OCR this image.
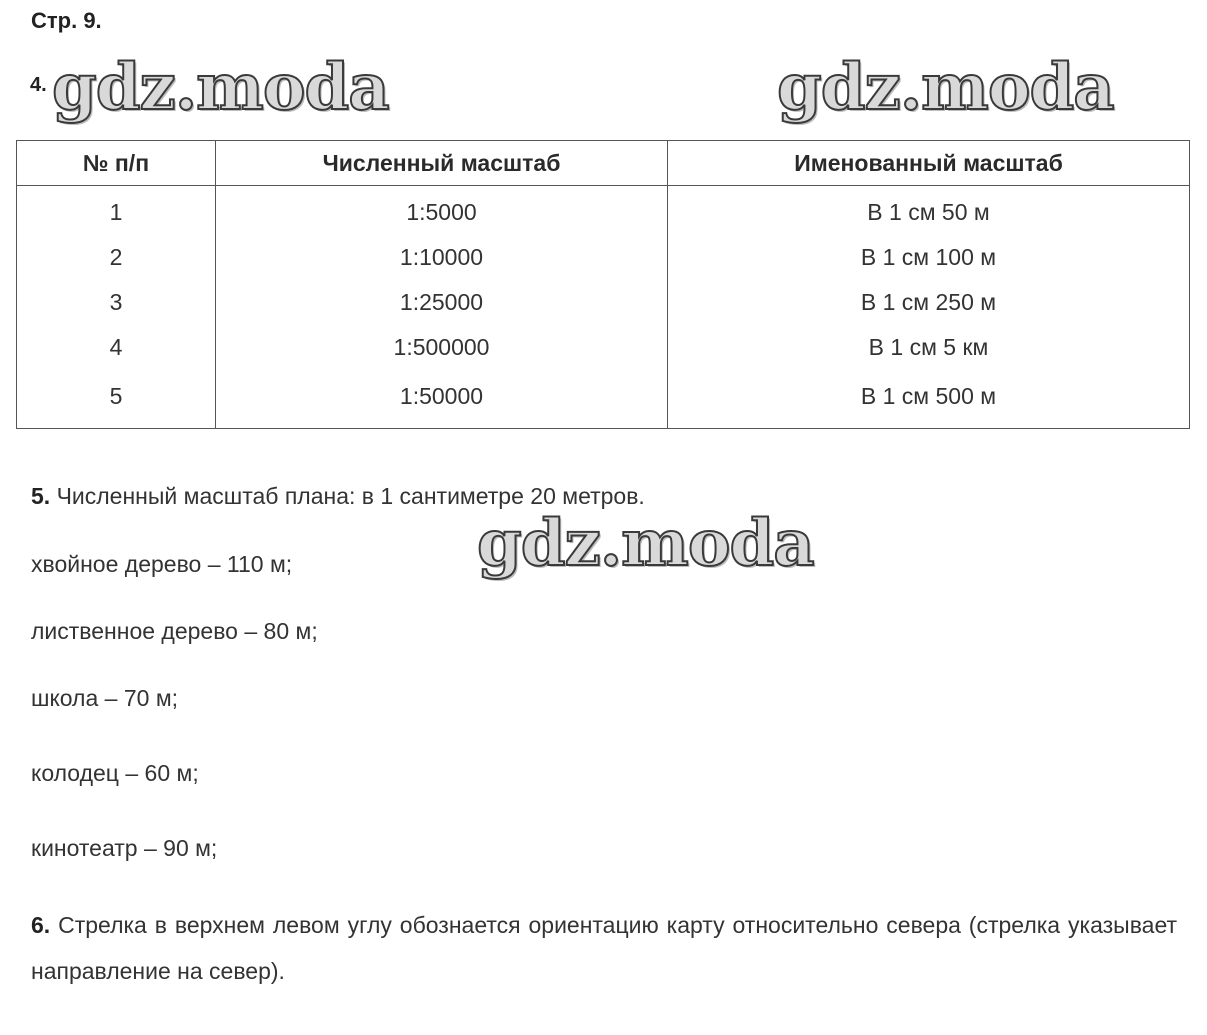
Стр. 9.
4. gdz.moda	gdz.moda
№ п/п	Численный масштаб	Именованный масштаб
1	1:5000	В 1 см 50 м
2	1:10000	В 1 см 100 м
3	1:25000	В 1 см 250 м
4	1:500000	В 1 см 5 км
5	1:50000	В 1 см 500 м
5. Численный масштаб плана: в 1 сантиметре 20 метров.
gdz.moda
хвойное дерево – 110 м;
лиственное дерево – 80 м;
школа – 70 м;
колодец – 60 м;
кинотеатр – 90 м;
6. Стрелка в верхнем левом углу обознается ориентацию карту относительно севера (стрелка указывает направление на север).
